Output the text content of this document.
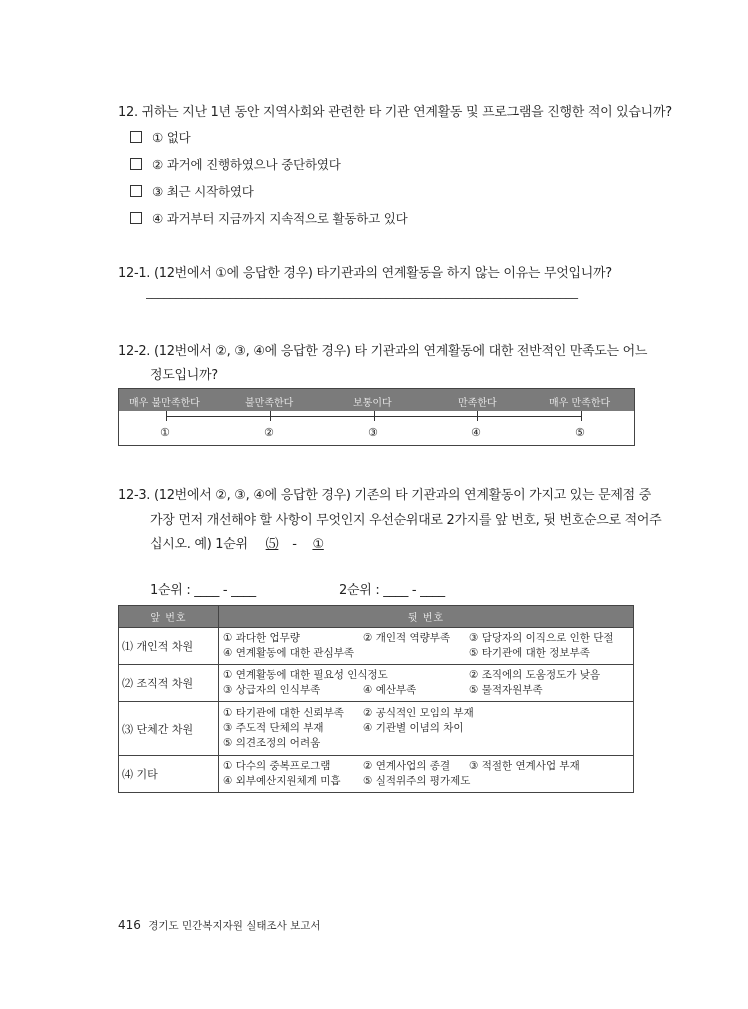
12. 귀하는 지난 1년 동안 지역사회와 관련한 타 기관 연계활동 및 프로그램을 진행한 적이 있습니까?
① 없다
② 과거에 진행하였으나 중단하였다
③ 최근 시작하였다
④ 과거부터 지금까지 지속적으로 활동하고 있다
12-1. (12번에서 ①에 응답한 경우) 타기관과의 연계활동을 하지 않는 이유는 무엇입니까?
________________________________________________________________________
12-2. (12번에서 ②, ③, ④에 응답한 경우) 타 기관과의 연계활동에 대한 전반적인 만족도는 어느
정도입니까?
매우 불만족한다	불만족한다	보통이다	만족한다	매우 만족한다
①	②	③	④	⑤
12-3. (12번에서 ②, ③, ④에 응답한 경우) 기존의 타 기관과의 연계활동이 가지고 있는 문제점 중
가장 먼저 개선해야 할 사항이 무엇인지 우선순위대로 2가지를 앞 번호, 뒷 번호순으로 적어주
십시오. 예) 1순위 ⑸ - ①
1순위 : ____ - ____	2순위 : ____ - ____
앞 번호	뒷 번호
⑴ 개인적 차원	① 과다한 업무량 ② 개인적 역량부족 ③ 담당자의 이직으로 인한 단절
④ 연계활동에 대한 관심부족 ⑤ 타기관에 대한 정보부족

⑵ 조직적 차원	① 연계활동에 대한 필요성 인식정도 ② 조직에의 도움정도가 낮음
③ 상급자의 인식부족 ④ 예산부족 ⑤ 물적자원부족

⑶ 단체간 차원	① 타기관에 대한 신뢰부족 ② 공식적인 모임의 부재
③ 주도적 단체의 부재 ④ 기관별 이념의 차이
⑤ 의견조정의 어려움

⑷ 기타	① 다수의 중복프로그램 ② 연계사업의 종결 ③ 적절한 연계사업 부재
④ 외부예산지원체계 미흡 ⑤ 실적위주의 평가제도
416 경기도 민간복지자원 실태조사 보고서
